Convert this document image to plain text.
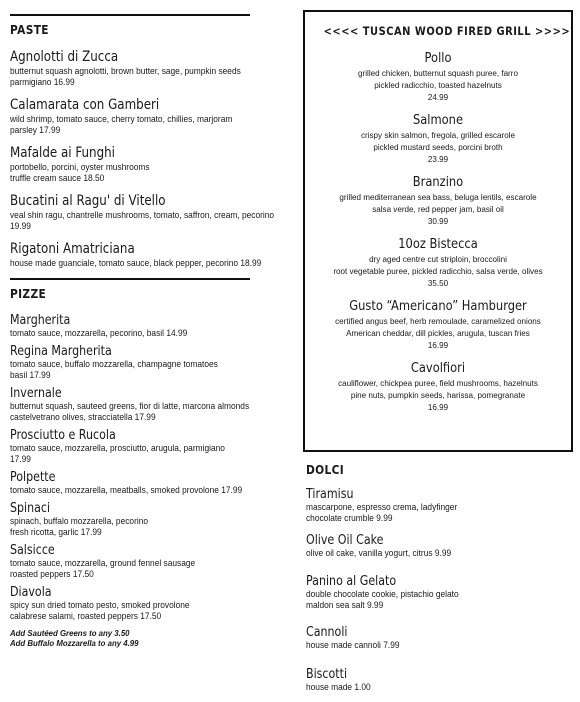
PASTE
Agnolotti di Zucca
butternut squash agnolotti, brown butter, sage, pumpkin seeds
parmigiano 16.99
Calamarata con Gamberi
wild shrimp, tomato sauce, cherry tomato, chillies, marjoram
parsley 17.99
Mafalde ai Funghi
portobello, porcini, oyster mushrooms
truffle cream sauce 18.50
Bucatini al Ragu' di Vitello
veal shin ragu, chantrelle mushrooms, tomato, saffron, cream, pecorino
19.99
Rigatoni Amatriciana
house made guanciale, tomato sauce, black pepper, pecorino 18.99
PIZZE
Margherita
tomato sauce, mozzarella, pecorino, basil 14.99
Regina Margherita
tomato sauce, buffalo mozzarella, champagne tomatoes
basil 17.99
Invernale
butternut squash, sauteed greens, fior di latte, marcona almonds
castelvetrano olives, stracciatella 17.99
Prosciutto e Rucola
tomato sauce, mozzarella, prosciutto, arugula, parmigiano
17.99
Polpette
tomato sauce, mozzarella, meatballs, smoked provolone 17.99
Spinaci
spinach, buffalo mozzarella, pecorino
fresh ricotta, garlic 17.99
Salsicce
tomato sauce, mozzarella, ground fennel sausage
roasted peppers 17.50
Diavola
spicy sun dried tomato pesto, smoked provolone
calabrese salami, roasted peppers 17.50
Add Sautéed Greens to any 3.50
Add Buffalo Mozzarella to any 4.99
<<<< TUSCAN WOOD FIRED GRILL >>>>
Pollo
grilled chicken, butternut squash puree, farro
pickled radicchio, toasted hazelnuts
24.99
Salmone
crispy skin salmon, fregola, grilled escarole
pickled mustard seeds, porcini broth
23.99
Branzino
grilled mediterranean sea bass, beluga lentils, escarole
salsa verde, red pepper jam, basil oil
30.99
10oz Bistecca
dry aged centre cut striploin, broccolini
root vegetable puree, pickled radicchio, salsa verde, olives
35.50
Gusto “Americano” Hamburger
certified angus beef, herb remoulade, caramelized onions
American cheddar, dill pickles, arugula, tuscan fries
16.99
Cavolfiori
cauliflower, chickpea puree, field mushrooms, hazelnuts
pine nuts, pumpkin seeds, harissa, pomegranate
16.99
DOLCI
Tiramisu
mascarpone, espresso crema, ladyfinger
chocolate crumble 9.99
Olive Oil Cake
olive oil cake, vanilla yogurt, citrus 9.99
Panino al Gelato
double chocolate cookie, pistachio gelato
maldon sea salt 9.99
Cannoli
house made cannoli 7.99
Biscotti
house made 1.00
